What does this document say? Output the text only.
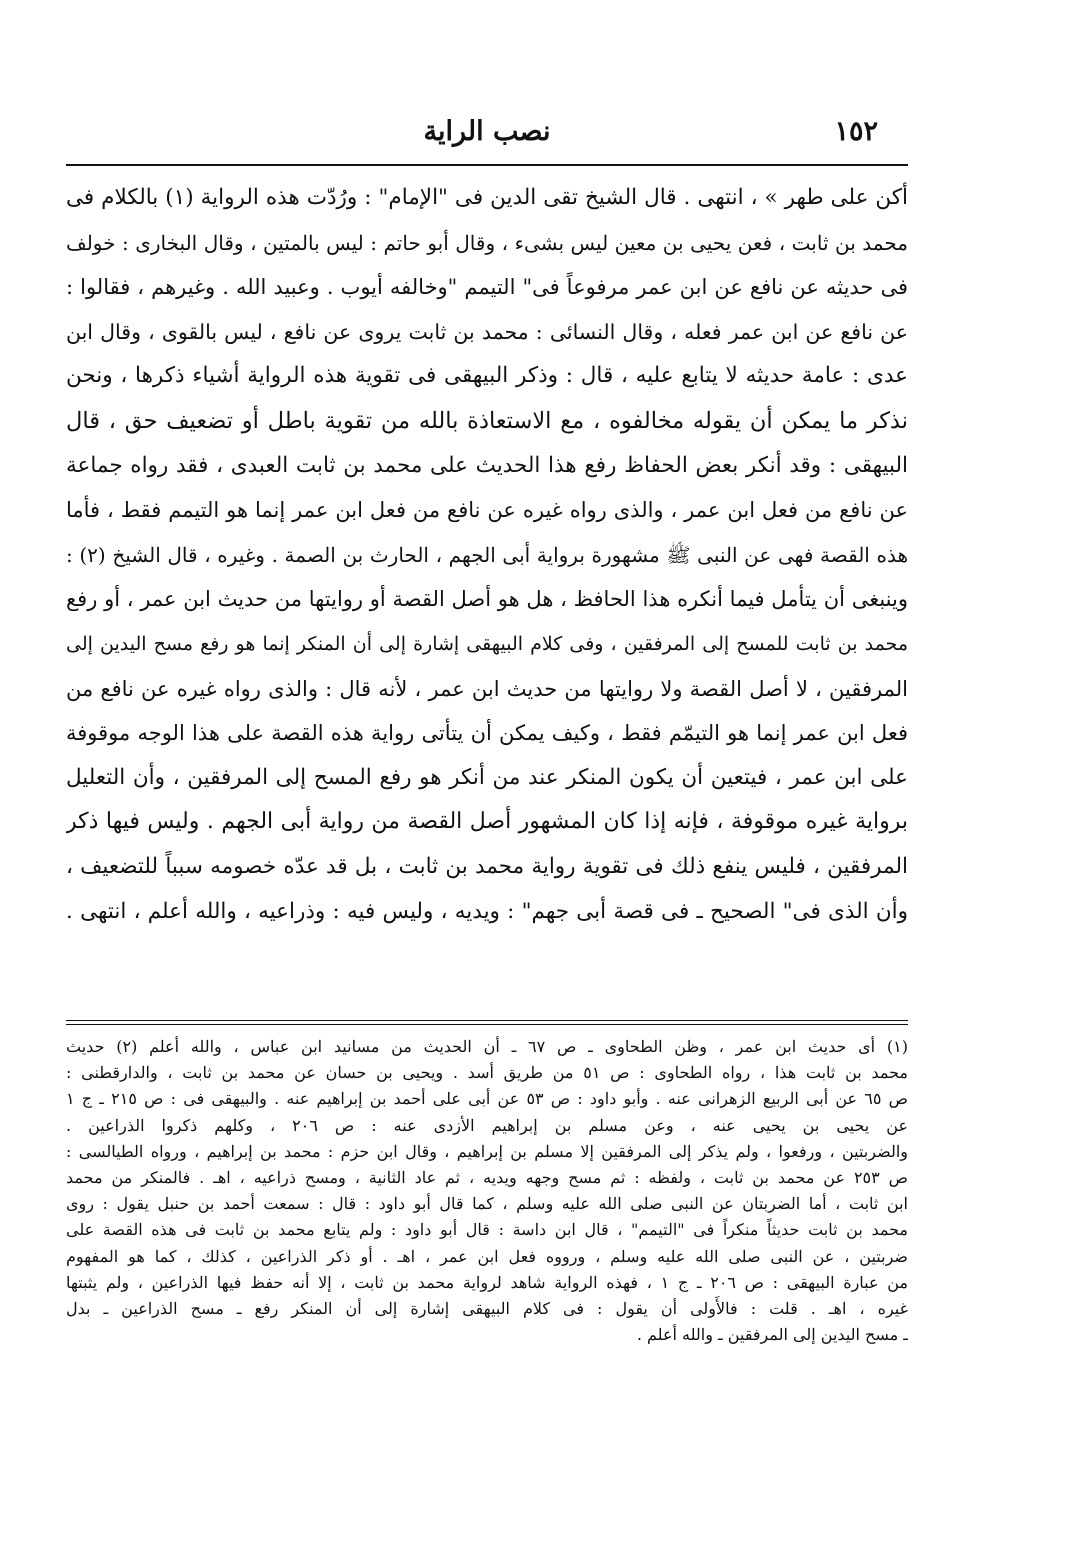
نصب الراية	١٥٢
أكن على طهر » ، انتهى . قال الشيخ تقى الدين فى "الإمام" : ورُدّت هذه الرواية (١) بالكلام فى
محمد بن ثابت ، فعن يحيى بن معين ليس بشىء ، وقال أبو حاتم : ليس بالمتين ، وقال البخارى : خولف
فى حديثه عن نافع عن ابن عمر مرفوعاً فى" التيمم "وخالفه أيوب . وعبيد الله . وغيرهم ، فقالوا :
عن نافع عن ابن عمر فعله ، وقال النسائى : محمد بن ثابت يروى عن نافع ، ليس بالقوى ، وقال ابن
عدى : عامة حديثه لا يتابع عليه ، قال : وذكر البيهقى فى تقوية هذه الرواية أشياء ذكرها ، ونحن
نذكر ما يمكن أن يقوله مخالفوه ، مع الاستعاذة بالله من تقوية باطل أو تضعيف حق ، قال
البيهقى : وقد أنكر بعض الحفاظ رفع هذا الحديث على محمد بن ثابت العبدى ، فقد رواه جماعة
عن نافع من فعل ابن عمر ، والذى رواه غيره عن نافع من فعل ابن عمر إنما هو التيمم فقط ، فأما
هذه القصة فهى عن النبى ﷺ مشهورة برواية أبى الجهم ، الحارث بن الصمة . وغيره ، قال الشيخ (٢) :
وينبغى أن يتأمل فيما أنكره هذا الحافظ ، هل هو أصل القصة أو روايتها من حديث ابن عمر ، أو رفع
محمد بن ثابت للمسح إلى المرفقين ، وفى كلام البيهقى إشارة إلى أن المنكر إنما هو رفع مسح اليدين إلى
المرفقين ، لا أصل القصة ولا روايتها من حديث ابن عمر ، لأنه قال : والذى رواه غيره عن نافع من
فعل ابن عمر إنما هو التيمّم فقط ، وكيف يمكن أن يتأتى رواية هذه القصة على هذا الوجه موقوفة
على ابن عمر ، فيتعين أن يكون المنكر عند من أنكر هو رفع المسح إلى المرفقين ، وأن التعليل
برواية غيره موقوفة ، فإنه إذا كان المشهور أصل القصة من رواية أبى الجهم . وليس فيها ذكر
المرفقين ، فليس ينفع ذلك فى تقوية رواية محمد بن ثابت ، بل قد عدّه خصومه سبباً للتضعيف ،
وأن الذى فى" الصحيح ـ فى قصة أبى جهم" : ويديه ، وليس فيه : وذراعيه ، والله أعلم ، انتهى .
(١) أى حديث ابن عمر ، وظن الطحاوى ـ ص ٦٧ ـ أن الحديث من مسانيد ابن عباس ، والله أعلم (٢) حديث
محمد بن ثابت هذا ، رواه الطحاوى : ص ٥١ من طريق أسد . ويحيى بن حسان عن محمد بن ثابت ، والدارقطنى :
ص ٦٥ عن أبى الربيع الزهرانى عنه . وأبو داود : ص ٥٣ عن أبى على أحمد بن إبراهيم عنه . والبيهقى فى : ص ٢١٥ ـ ج ١
عن يحيى بن يحيى عنه ، وعن مسلم بن إبراهيم الأزدى عنه : ص ٢٠٦ ، وكلهم ذكروا الذراعين .
والضربتين ، ورفعوا ، ولم يذكر إلى المرفقين إلا مسلم بن إبراهيم ، وقال ابن حزم : محمد بن إبراهيم ، ورواه الطيالسى :
ص ٢٥٣ عن محمد بن ثابت ، ولفظه : ثم مسح وجهه ويديه ، ثم عاد الثانية ، ومسح ذراعيه ، اهـ . فالمنكر من محمد
ابن ثابت ، أما الضربتان عن النبى صلى الله عليه وسلم ، كما قال أبو داود : قال : سمعت أحمد بن حنبل يقول : روى
محمد بن ثابت حديثاً منكراً فى "التيمم" ، قال ابن داسة : قال أبو داود : ولم يتابع محمد بن ثابت فى هذه القصة على
ضربتين ، عن النبى صلى الله عليه وسلم ، ورووه فعل ابن عمر ، اهـ . أو ذكر الذراعين ، كذلك ، كما هو المفهوم
من عبارة البيهقى : ص ٢٠٦ ـ ج ١ ، فهذه الرواية شاهد لرواية محمد بن ثابت ، إلا أنه حفظ فيها الذراعين ، ولم يثبتها
غيره ، اهـ . قلت : فالأَولى أن يقول : فى كلام البيهقى إشارة إلى أن المنكر رفع ـ مسح الذراعين ـ بدل
ـ مسح اليدين إلى المرفقين ـ والله أعلم .
